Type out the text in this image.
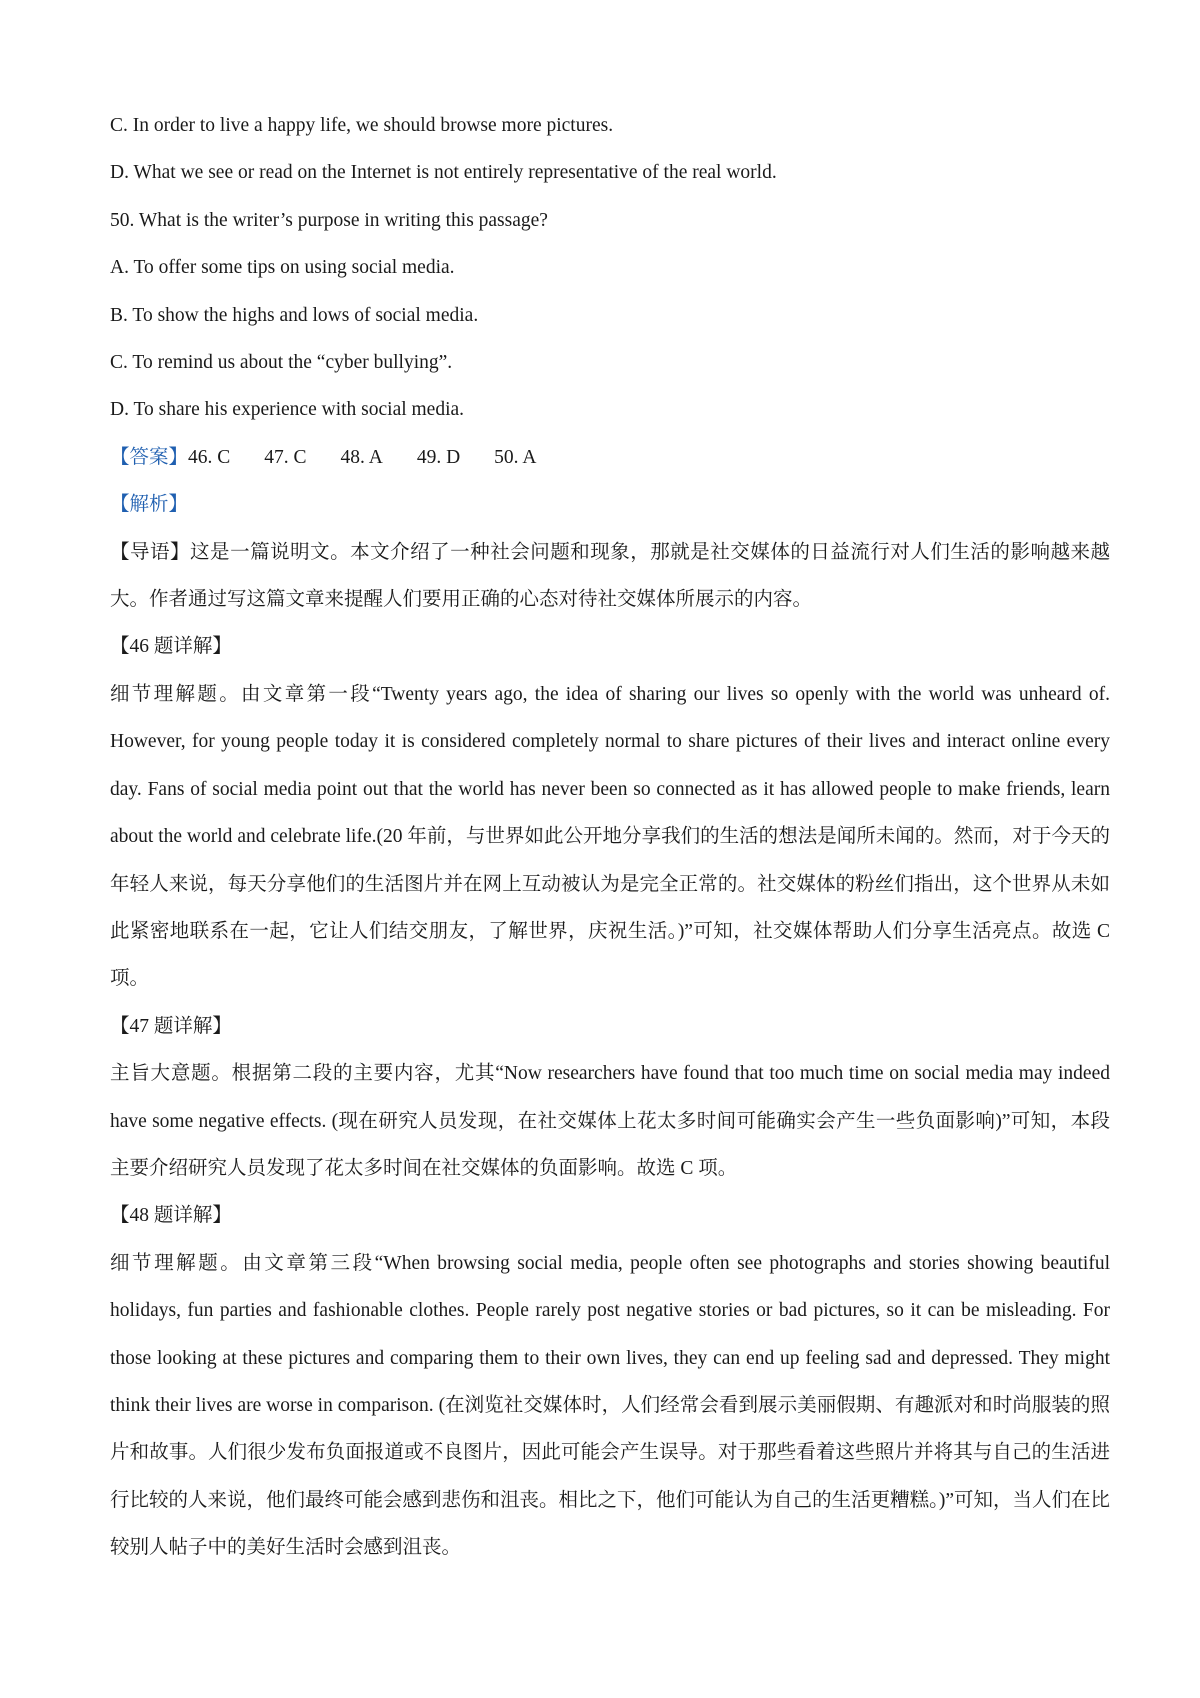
C. In order to live a happy life, we should browse more pictures.

D. What we see or read on the Internet is not entirely representative of the real world.

50. What is the writer’s purpose in writing this passage?

A. To offer some tips on using social media.

B. To show the highs and lows of social media.

C. To remind us about the “cyber bullying”.

D. To share his experience with social media.

【答案】46. C 47. C 48. A 49. D 50. A

【解析】

【导语】这是一篇说明文。本文介绍了一种社会问题和现象，那就是社交媒体的日益流行对人们生活的影响越来越大。作者通过写这篇文章来提醒人们要用正确的心态对待社交媒体所展示的内容。

【46 题详解】

细节理解题。由文章第一段“Twenty years ago, the idea of sharing our lives so openly with the world was unheard of. However, for young people today it is considered completely normal to share pictures of their lives and interact online every day. Fans of social media point out that the world has never been so connected as it has allowed people to make friends, learn about the world and celebrate life.(20 年前，与世界如此公开地分享我们的生活的想法是闻所未闻的。然而，对于今天的年轻人来说，每天分享他们的生活图片并在网上互动被认为是完全正常的。社交媒体的粉丝们指出，这个世界从未如此紧密地联系在一起，它让人们结交朋友，了解世界，庆祝生活。)”可知，社交媒体帮助人们分享生活亮点。故选 C 项。

【47 题详解】

主旨大意题。根据第二段的主要内容，尤其“Now researchers have found that too much time on social media may indeed have some negative effects. (现在研究人员发现，在社交媒体上花太多时间可能确实会产生一些负面影响)”可知，本段主要介绍研究人员发现了花太多时间在社交媒体的负面影响。故选 C 项。

【48 题详解】

细节理解题。由文章第三段“When browsing social media, people often see photographs and stories showing beautiful holidays, fun parties and fashionable clothes. People rarely post negative stories or bad pictures, so it can be misleading. For those looking at these pictures and comparing them to their own lives, they can end up feeling sad and depressed. They might think their lives are worse in comparison. (在浏览社交媒体时，人们经常会看到展示美丽假期、有趣派对和时尚服装的照片和故事。人们很少发布负面报道或不良图片，因此可能会产生误导。对于那些看着这些照片并将其与自己的生活进行比较的人来说，他们最终可能会感到悲伤和沮丧。相比之下，他们可能认为自己的生活更糟糕。)”可知，当人们在比较别人帖子中的美好生活时会感到沮丧。
